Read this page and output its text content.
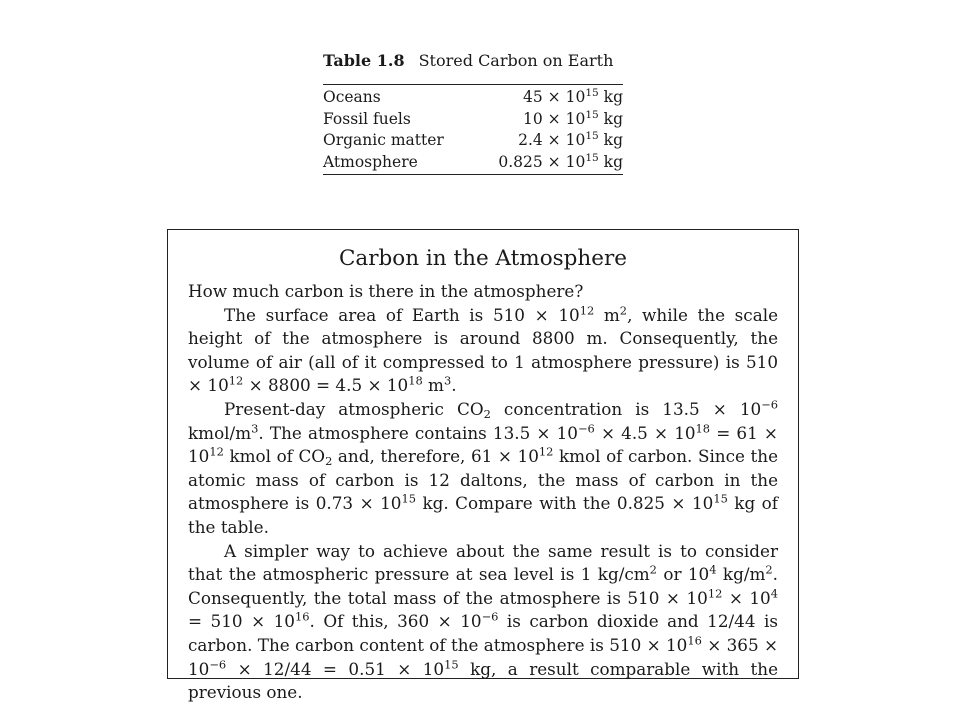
Table 1.8 Stored Carbon on Earth
Oceans	$45 \times 10^{15}$ kg
Fossil fuels	$10 \times 10^{15}$ kg
Organic matter	$2.4 \times 10^{15}$ kg
Atmosphere	$0.825 \times 10^{15}$ kg
Carbon in the Atmosphere

How much carbon is there in the atmosphere?

The surface area of Earth is $510 \times 10^{12}$ $m^2$, while the scale height of the atmosphere is around 8800 m. Consequently, the volume of air (all of it compressed to 1 atmosphere pressure) is $510 \times 10^{12} \times 8800 = 4.5 \times 10^{18}$ $m^3$.

Present-day atmospheric $CO_2$ concentration is $13.5 \times 10^{-6}$ kmol/$m^3$. The atmosphere contains $13.5 \times 10^{-6} \times 4.5 \times 10^{18} = 61 \times 10^{12}$ kmol of $CO_2$ and, therefore, $61 \times 10^{12}$ kmol of carbon. Since the atomic mass of carbon is 12 daltons, the mass of carbon in the atmosphere is $0.73 \times 10^{15}$ kg. Compare with the $0.825 \times 10^{15}$ kg of the table.

A simpler way to achieve about the same result is to consider that the atmospheric pressure at sea level is 1 $kg/cm^2$ or $10^4$ $kg/m^2$. Consequently, the total mass of the atmosphere is $510 \times 10^{12} \times 10^4 = 510 \times 10^{16}$. Of this, $360 \times 10^{-6}$ is carbon dioxide and 12/44 is carbon. The carbon content of the atmosphere is $510 \times 10^{16} \times 365 \times 10^{-6} \times 12/44 = 0.51 \times 10^{15}$ kg, a result comparable with the previous one.
